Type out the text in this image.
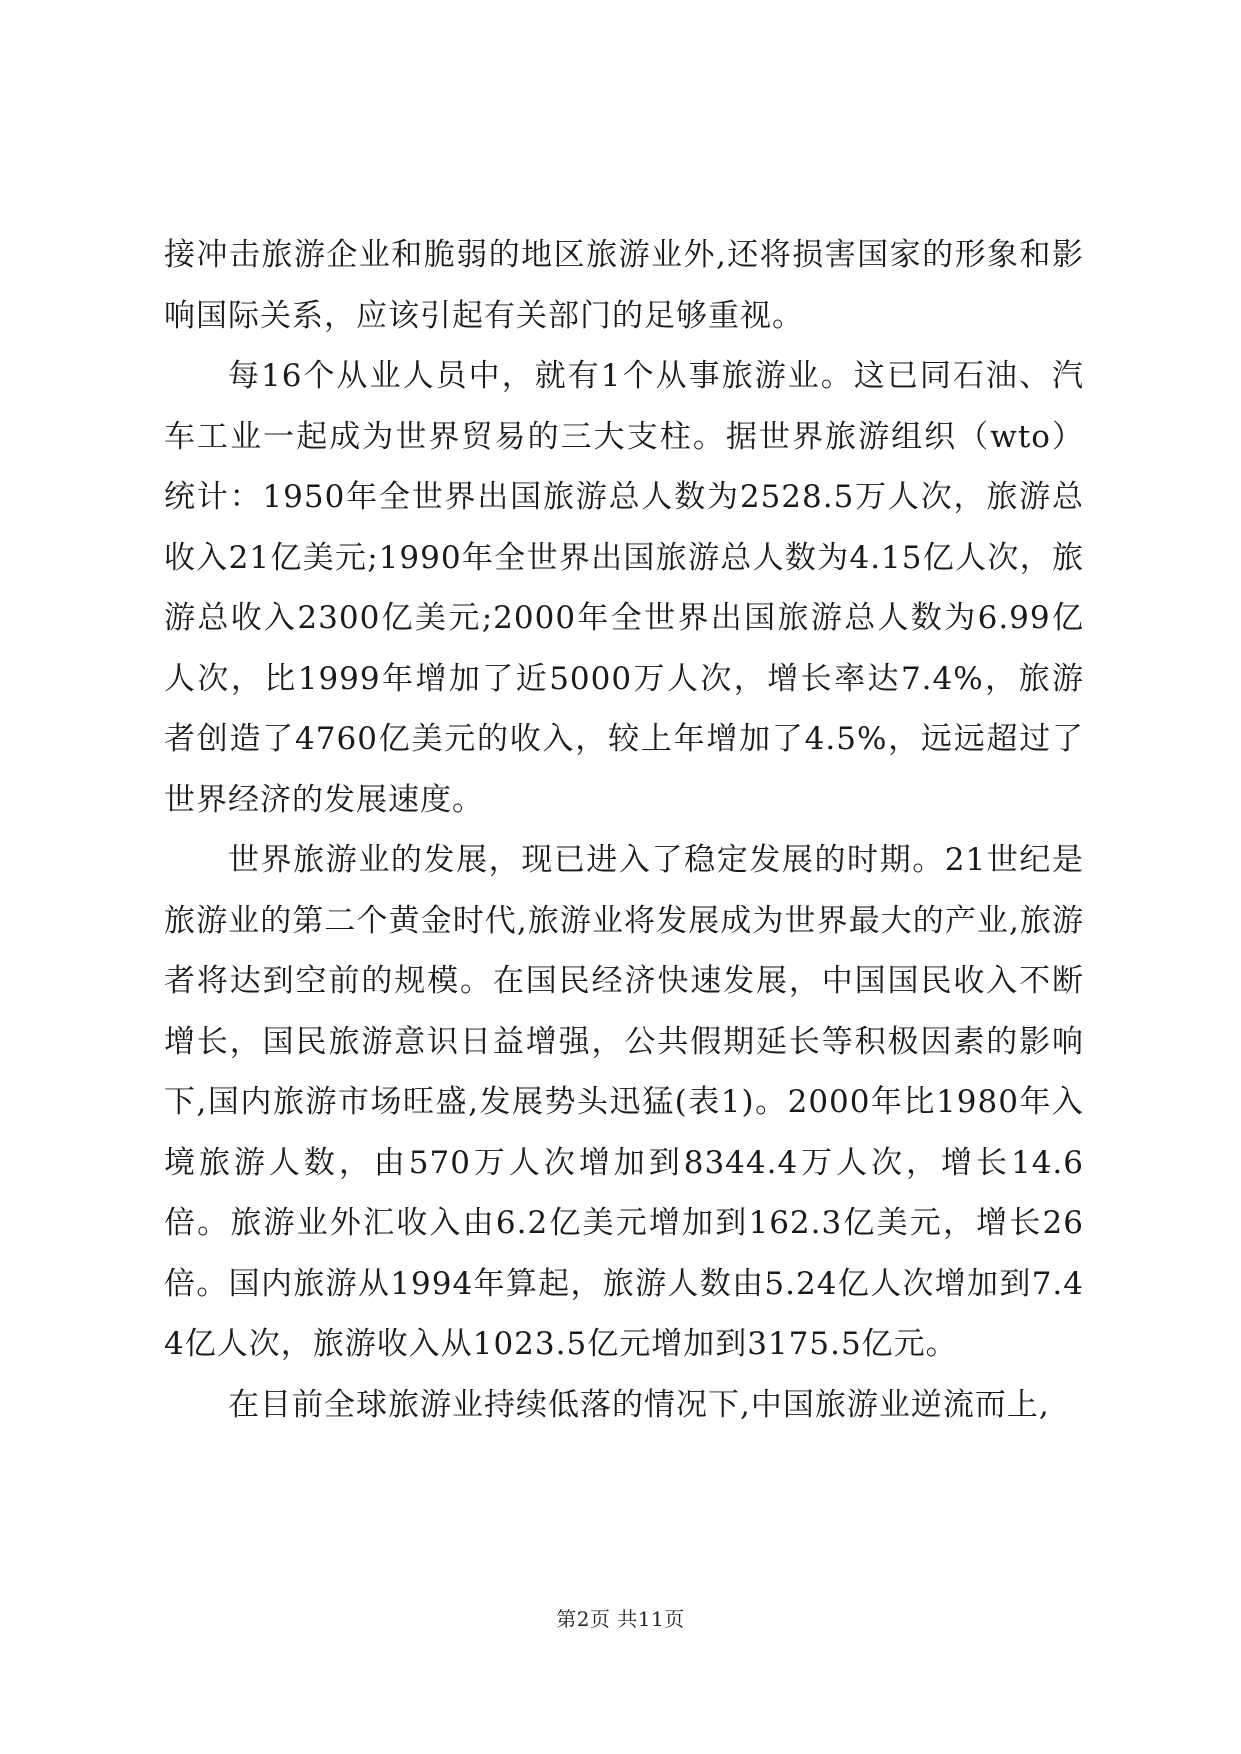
接冲击旅游企业和脆弱的地区旅游业外,还将损害国家的形象和影响国际关系，应该引起有关部门的足够重视。

每16个从业人员中，就有1个从事旅游业。这已同石油、汽车工业一起成为世界贸易的三大支柱。据世界旅游组织（wto）统计：1950年全世界出国旅游总人数为2528.5万人次，旅游总收入21亿美元;1990年全世界出国旅游总人数为4.15亿人次，旅游总收入2300亿美元;2000年全世界出国旅游总人数为6.99亿人次，比1999年增加了近5000万人次，增长率达7.4%，旅游者创造了4760亿美元的收入，较上年增加了4.5%，远远超过了世界经济的发展速度。

世界旅游业的发展，现已进入了稳定发展的时期。21世纪是旅游业的第二个黄金时代,旅游业将发展成为世界最大的产业,旅游者将达到空前的规模。在国民经济快速发展，中国国民收入不断增长，国民旅游意识日益增强，公共假期延长等积极因素的影响下,国内旅游市场旺盛,发展势头迅猛(表1)。2000年比1980年入境旅游人数，由570万人次增加到8344.4万人次，增长14.6倍。旅游业外汇收入由6.2亿美元增加到162.3亿美元，增长26倍。国内旅游从1994年算起，旅游人数由5.24亿人次增加到7.44亿人次，旅游收入从1023.5亿元增加到3175.5亿元。

在目前全球旅游业持续低落的情况下,中国旅游业逆流而上,

第2页 共11页
